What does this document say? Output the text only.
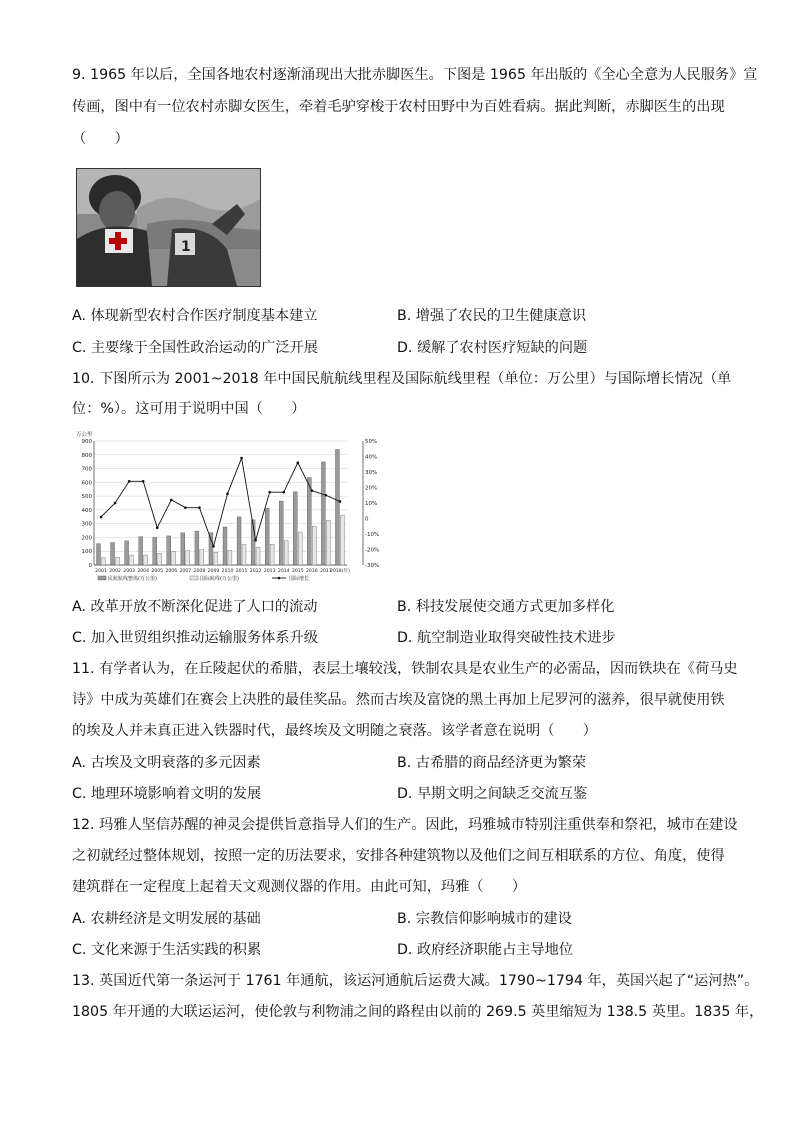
9. 1965 年以后，全国各地农村逐渐涌现出大批赤脚医生。下图是 1965 年出版的《全心全意为人民服务》宣
传画，图中有一位农村赤脚女医生，牵着毛驴穿梭于农村田野中为百姓看病。据此判断，赤脚医生的出现
（　　）
1
A. 体现新型农村合作医疗制度基本建立	B. 增强了农民的卫生健康意识
C. 主要缘于全国性政治运动的广泛开展	D. 缓解了农村医疗短缺的问题
10. 下图所示为 2001~2018 年中国民航航线里程及国际航线里程（单位：万公里）与国际增长情况（单
位：%）。这可用于说明中国（　　）
万公里
900
800
700
600
500
400
300
200
100
0
50%
40%
30%
20%
10%
0
-10%
-20%
-30%
2001 2002 2003 2004 2005 2006 2007 2008 2009 2010 2011 2012 2013 2014 2015 2016 2017
2018(年)
民航航线整体(万公里)	国际航线(万公里)	国际增长
A. 改革开放不断深化促进了人口的流动	B. 科技发展使交通方式更加多样化
C. 加入世贸组织推动运输服务体系升级	D. 航空制造业取得突破性技术进步
11. 有学者认为，在丘陵起伏的希腊，表层土壤较浅，铁制农具是农业生产的必需品，因而铁块在《荷马史
诗》中成为英雄们在赛会上决胜的最佳奖品。然而古埃及富饶的黑土再加上尼罗河的滋养，很早就使用铁
的埃及人并未真正进入铁器时代，最终埃及文明随之衰落。该学者意在说明（　　）
A. 古埃及文明衰落的多元因素	B. 古希腊的商品经济更为繁荣
C. 地理环境影响着文明的发展	D. 早期文明之间缺乏交流互鉴
12. 玛雅人坚信苏醒的神灵会提供旨意指导人们的生产。因此，玛雅城市特别注重供奉和祭祀，城市在建设
之初就经过整体规划，按照一定的历法要求，安排各种建筑物以及他们之间互相联系的方位、角度，使得
建筑群在一定程度上起着天文观测仪器的作用。由此可知，玛雅（　　）
A. 农耕经济是文明发展的基础	B. 宗教信仰影响城市的建设
C. 文化来源于生活实践的积累	D. 政府经济职能占主导地位
13. 英国近代第一条运河于 1761 年通航，该运河通航后运费大减。1790~1794 年，英国兴起了“运河热”。
1805 年开通的大联运运河，使伦敦与利物浦之间的路程由以前的 269.5 英里缩短为 138.5 英里。1835 年，
